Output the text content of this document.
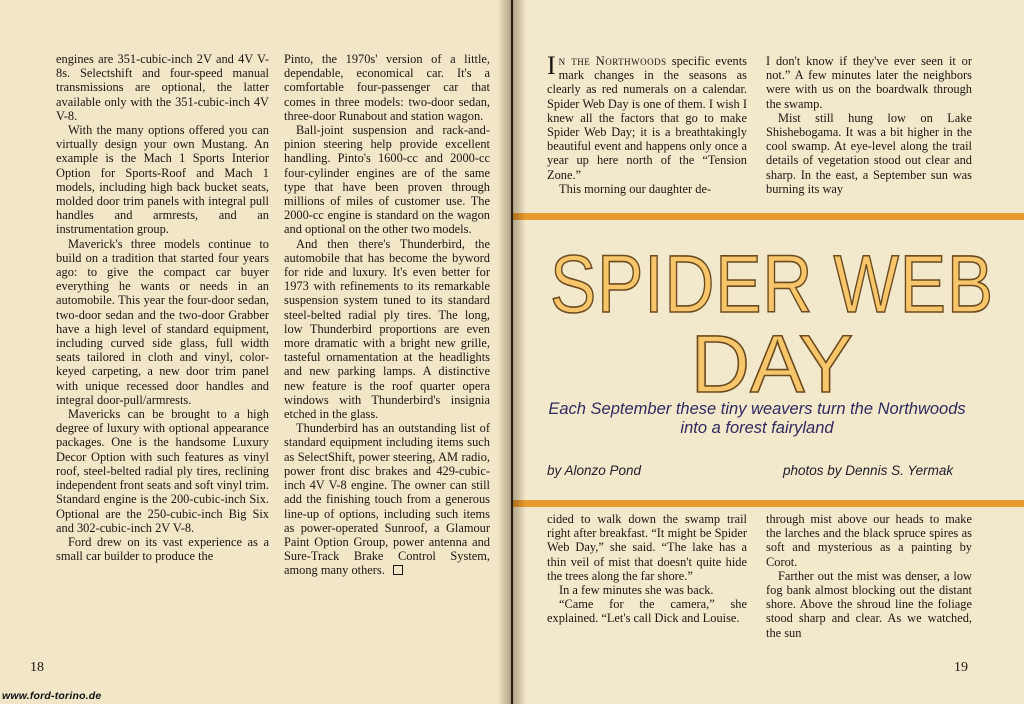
engines are 351-cubic-inch 2V and 4V V-8s. Selectshift and four-speed manual transmissions are optional, the latter available only with the 351-cubic-inch 4V V-8.

With the many options offered you can virtually design your own Mustang. An example is the Mach 1 Sports Interior Option for Sports-Roof and Mach 1 models, including high back bucket seats, molded door trim panels with integral pull handles and armrests, and an instrumentation group.

Maverick's three models continue to build on a tradition that started four years ago: to give the compact car buyer everything he wants or needs in an automobile. This year the four-door sedan, two-door sedan and the two-door Grabber have a high level of standard equipment, including curved side glass, full width seats tailored in cloth and vinyl, color-keyed carpeting, a new door trim panel with unique recessed door handles and integral door-pull/armrests.

Mavericks can be brought to a high degree of luxury with optional appearance packages. One is the handsome Luxury Decor Option with such features as vinyl roof, steel-belted radial ply tires, reclining independent front seats and soft vinyl trim. Standard engine is the 200-cubic-inch Six. Optional are the 250-cubic-inch Big Six and 302-cubic-inch 2V V-8.

Ford drew on its vast experience as a small car builder to produce the

Pinto, the 1970s' version of a little, dependable, economical car. It's a comfortable four-passenger car that comes in three models: two-door sedan, three-door Runabout and station wagon.

Ball-joint suspension and rack-and-pinion steering help provide excellent handling. Pinto's 1600-cc and 2000-cc four-cylinder engines are of the same type that have been proven through millions of miles of customer use. The 2000-cc engine is standard on the wagon and optional on the other two models.

And then there's Thunderbird, the automobile that has become the byword for ride and luxury. It's even better for 1973 with refinements to its remarkable suspension system tuned to its standard steel-belted radial ply tires. The long, low Thunderbird proportions are even more dramatic with a bright new grille, tasteful ornamentation at the headlights and new parking lamps. A distinctive new feature is the roof quarter opera windows with Thunderbird's insignia etched in the glass.

Thunderbird has an outstanding list of standard equipment including items such as SelectShift, power steering, AM radio, power front disc brakes and 429-cubic-inch 4V V-8 engine. The owner can still add the finishing touch from a generous line-up of options, including such items as power-operated Sunroof, a Glamour Paint Option Group, power antenna and Sure-Track Brake Control System, among many others.

18

In the Northwoods specific events mark changes in the seasons as clearly as red numerals on a calendar. Spider Web Day is one of them. I wish I knew all the factors that go to make Spider Web Day; it is a breathtakingly beautiful event and happens only once a year up here north of the “Tension Zone.”

This morning our daughter de-

I don't know if they've ever seen it or not.” A few minutes later the neighbors were with us on the boardwalk through the swamp.

Mist still hung low on Lake Shishebogama. It was a bit higher in the cool swamp. At eye-level along the trail details of vegetation stood out clear and sharp. In the east, a September sun was burning its way

SPIDER WEB
DAY
Each September these tiny weavers turn the Northwoods into a forest fairyland
by Alonzo Pond	photos by Dennis S. Yermak

cided to walk down the swamp trail right after breakfast. “It might be Spider Web Day,” she said. “The lake has a thin veil of mist that doesn't quite hide the trees along the far shore.”

In a few minutes she was back.

“Came for the camera,” she explained. “Let's call Dick and Louise.

through mist above our heads to make the larches and the black spruce spires as soft and mysterious as a painting by Corot.

Farther out the mist was denser, a low fog bank almost blocking out the distant shore. Above the shroud line the foliage stood sharp and clear. As we watched, the sun

19
www.ford-torino.de
